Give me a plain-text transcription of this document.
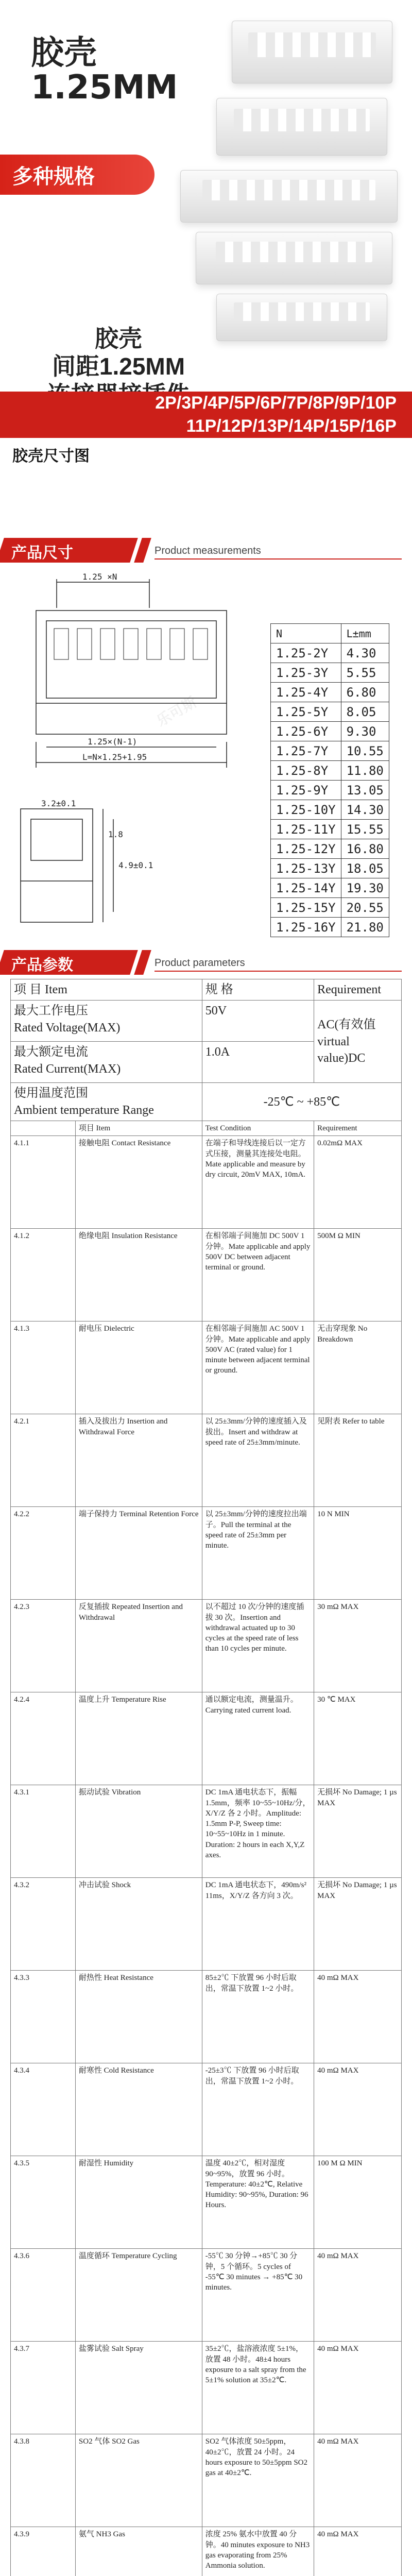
胶壳
1.25MM
多种规格
胶壳
间距1.25MM
2P/3P/4P/5P/6P/7P/8P/9P/10P
11P/12P/13P/14P/15P/16P
胶壳尺寸图
产品尺寸	Product measurements
1.25 ×N
1.25×(N-1)
L=N×1.25+1.95
3.2±0.1
4.9±0.1
1.8
N	L±mm
1.25-2Y	4.30
1.25-3Y	5.55
1.25-4Y	6.80
1.25-5Y	8.05
1.25-6Y	9.30
1.25-7Y	10.55
1.25-8Y	11.80
1.25-9Y	13.05
1.25-10Y	14.30
1.25-11Y	15.55
1.25-12Y	16.80
1.25-13Y	18.05
1.25-14Y	19.30
1.25-15Y	20.55
1.25-16Y	21.80
乐可斯
产品参数	Product parameters
项 目 Item		规 格	Requirement

最大工作电压
Rated Voltage(MAX)		50V	AC(有效值 virtual value)DC

最大额定电流
Rated Current(MAX)		1.0A	

使用温度范围
Ambient temperature Range		-25℃ ~ +85℃	
	项目 Item	Test Condition	Requirement
4.1.1	接触电阻 Contact Resistance	在端子和导线连接后以一定方式压接，测量其连接处电阻。Mate applicable and measure by dry circuit, 20mV MAX, 10mA.	0.02mΩ MAX
4.1.2	绝缘电阻 Insulation Resistance	在相邻端子间施加 DC 500V 1分钟。Mate applicable and apply 500V DC between adjacent terminal or ground.	500M Ω MIN
4.1.3	耐电压 Dielectric	在相邻端子间施加 AC 500V 1分钟。Mate applicable and apply 500V AC (rated value) for 1 minute between adjacent terminal or ground.	无击穿现象 No Breakdown
4.2.1	插入及拔出力 Insertion and Withdrawal Force	以 25±3mm/分钟的速度插入及拔出。Insert and withdraw at speed rate of 25±3mm/minute.	见附表 Refer to table
4.2.2	端子保持力 Terminal Retention Force	以 25±3mm/分钟的速度拉出端子。Pull the terminal at the speed rate of 25±3mm per minute.	10 N MIN
4.2.3	反复插拔 Repeated Insertion and Withdrawal	以不超过 10 次/分钟的速度插拔 30 次。Insertion and withdrawal actuated up to 30 cycles at the speed rate of less than 10 cycles per minute.	30 mΩ MAX
4.2.4	温度上升 Temperature Rise	通以额定电流，测量温升。Carrying rated current load.	30 ℃ MAX
4.3.1	振动试验 Vibration	DC 1mA 通电状态下，振幅 1.5mm，频率 10~55~10Hz/分，X/Y/Z 各 2 小时。Amplitude: 1.5mm P-P, Sweep time: 10~55~10Hz in 1 minute. Duration: 2 hours in each X,Y,Z axes.	无损坏 No Damage; 1 µs MAX
4.3.2	冲击试验 Shock	DC 1mA 通电状态下，490m/s² 11ms，X/Y/Z 各方向 3 次。	无损坏 No Damage; 1 µs MAX
4.3.3	耐热性 Heat Resistance	85±2℃ 下放置 96 小时后取出，常温下放置 1~2 小时。	40 mΩ MAX
4.3.4	耐寒性 Cold Resistance	-25±3℃ 下放置 96 小时后取出，常温下放置 1~2 小时。	40 mΩ MAX
4.3.5	耐湿性 Humidity	温度 40±2℃，相对湿度 90~95%，放置 96 小时。Temperature: 40±2℃, Relative Humidity: 90~95%, Duration: 96 Hours.	100 M Ω MIN
4.3.6	温度循环 Temperature Cycling	-55℃ 30 分钟→+85℃ 30 分钟，5 个循环。5 cycles of -55℃ 30 minutes → +85℃ 30 minutes.	40 mΩ MAX
4.3.7	盐雾试验 Salt Spray	35±2℃，盐溶液浓度 5±1%，放置 48 小时。48±4 hours exposure to a salt spray from the 5±1% solution at 35±2℃.	40 mΩ MAX
4.3.8	SO2 气体 SO2 Gas	SO2 气体浓度 50±5ppm，40±2℃，放置 24 小时。24 hours exposure to 50±5ppm SO2 gas at 40±2℃.	40 mΩ MAX
4.3.9	氨气 NH3 Gas	浓度 25% 氨水中放置 40 分钟。40 minutes exposure to NH3 gas evaporating from 25% Ammonia solution.	40 mΩ MAX
